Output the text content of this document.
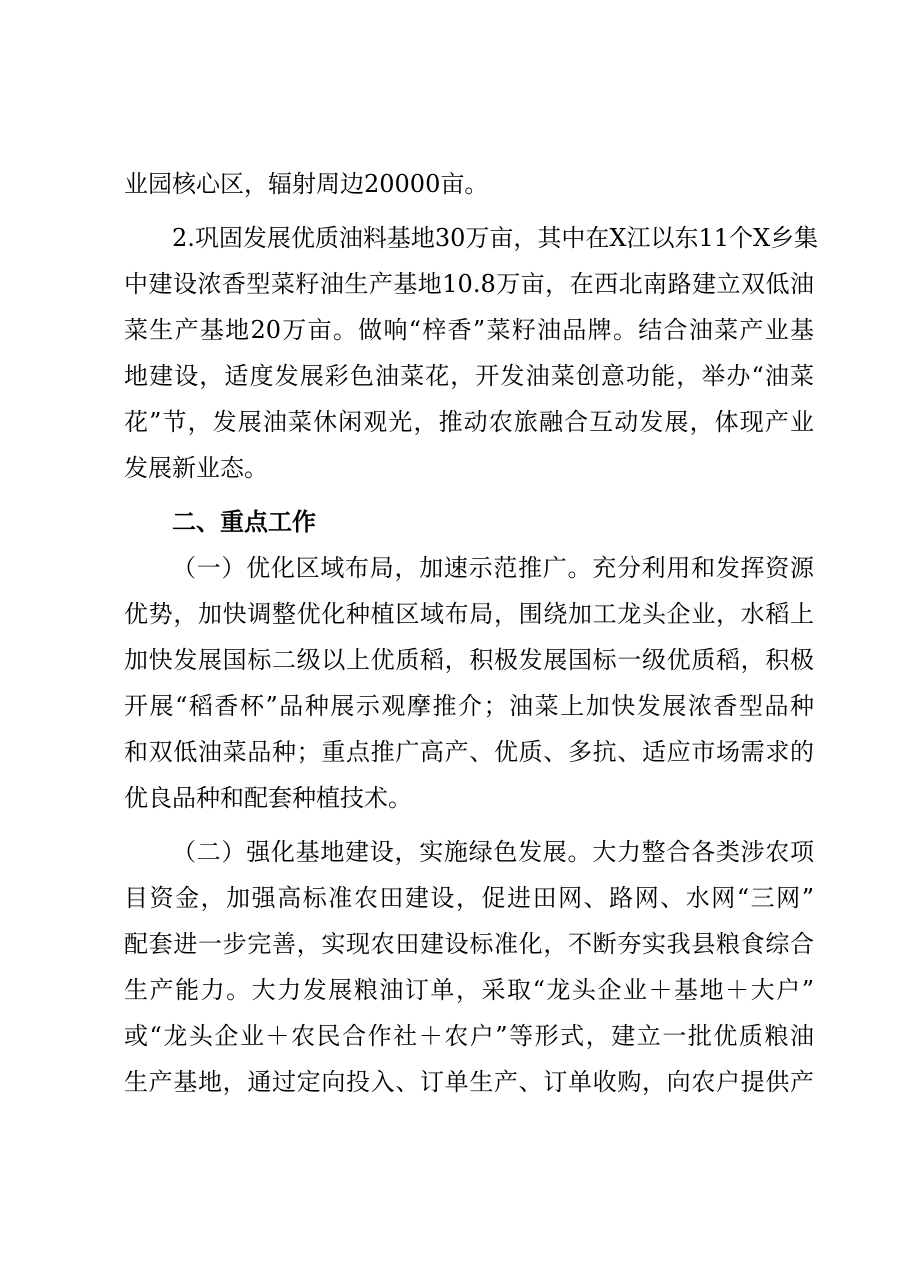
业园核心区，辐射周边20000亩。
2.巩固发展优质油料基地30万亩，其中在X江以东11个X乡集
中建设浓香型菜籽油生产基地10.8万亩，在西北南路建立双低油
菜生产基地20万亩。做响“梓香”菜籽油品牌。结合油菜产业基
地建设，适度发展彩色油菜花，开发油菜创意功能，举办“油菜
花”节，发展油菜休闲观光，推动农旅融合互动发展，体现产业
发展新业态。
二、重点工作
（一）优化区域布局，加速示范推广。充分利用和发挥资源
优势，加快调整优化种植区域布局，围绕加工龙头企业，水稻上
加快发展国标二级以上优质稻，积极发展国标一级优质稻，积极
开展“稻香杯”品种展示观摩推介；油菜上加快发展浓香型品种
和双低油菜品种；重点推广高产、优质、多抗、适应市场需求的
优良品种和配套种植技术。
（二）强化基地建设，实施绿色发展。大力整合各类涉农项
目资金，加强高标准农田建设，促进田网、路网、水网“三网”
配套进一步完善，实现农田建设标准化，不断夯实我县粮食综合
生产能力。大力发展粮油订单，采取“龙头企业＋基地＋大户”
或“龙头企业＋农民合作社＋农户”等形式，建立一批优质粮油
生产基地，通过定向投入、订单生产、订单收购，向农户提供产
